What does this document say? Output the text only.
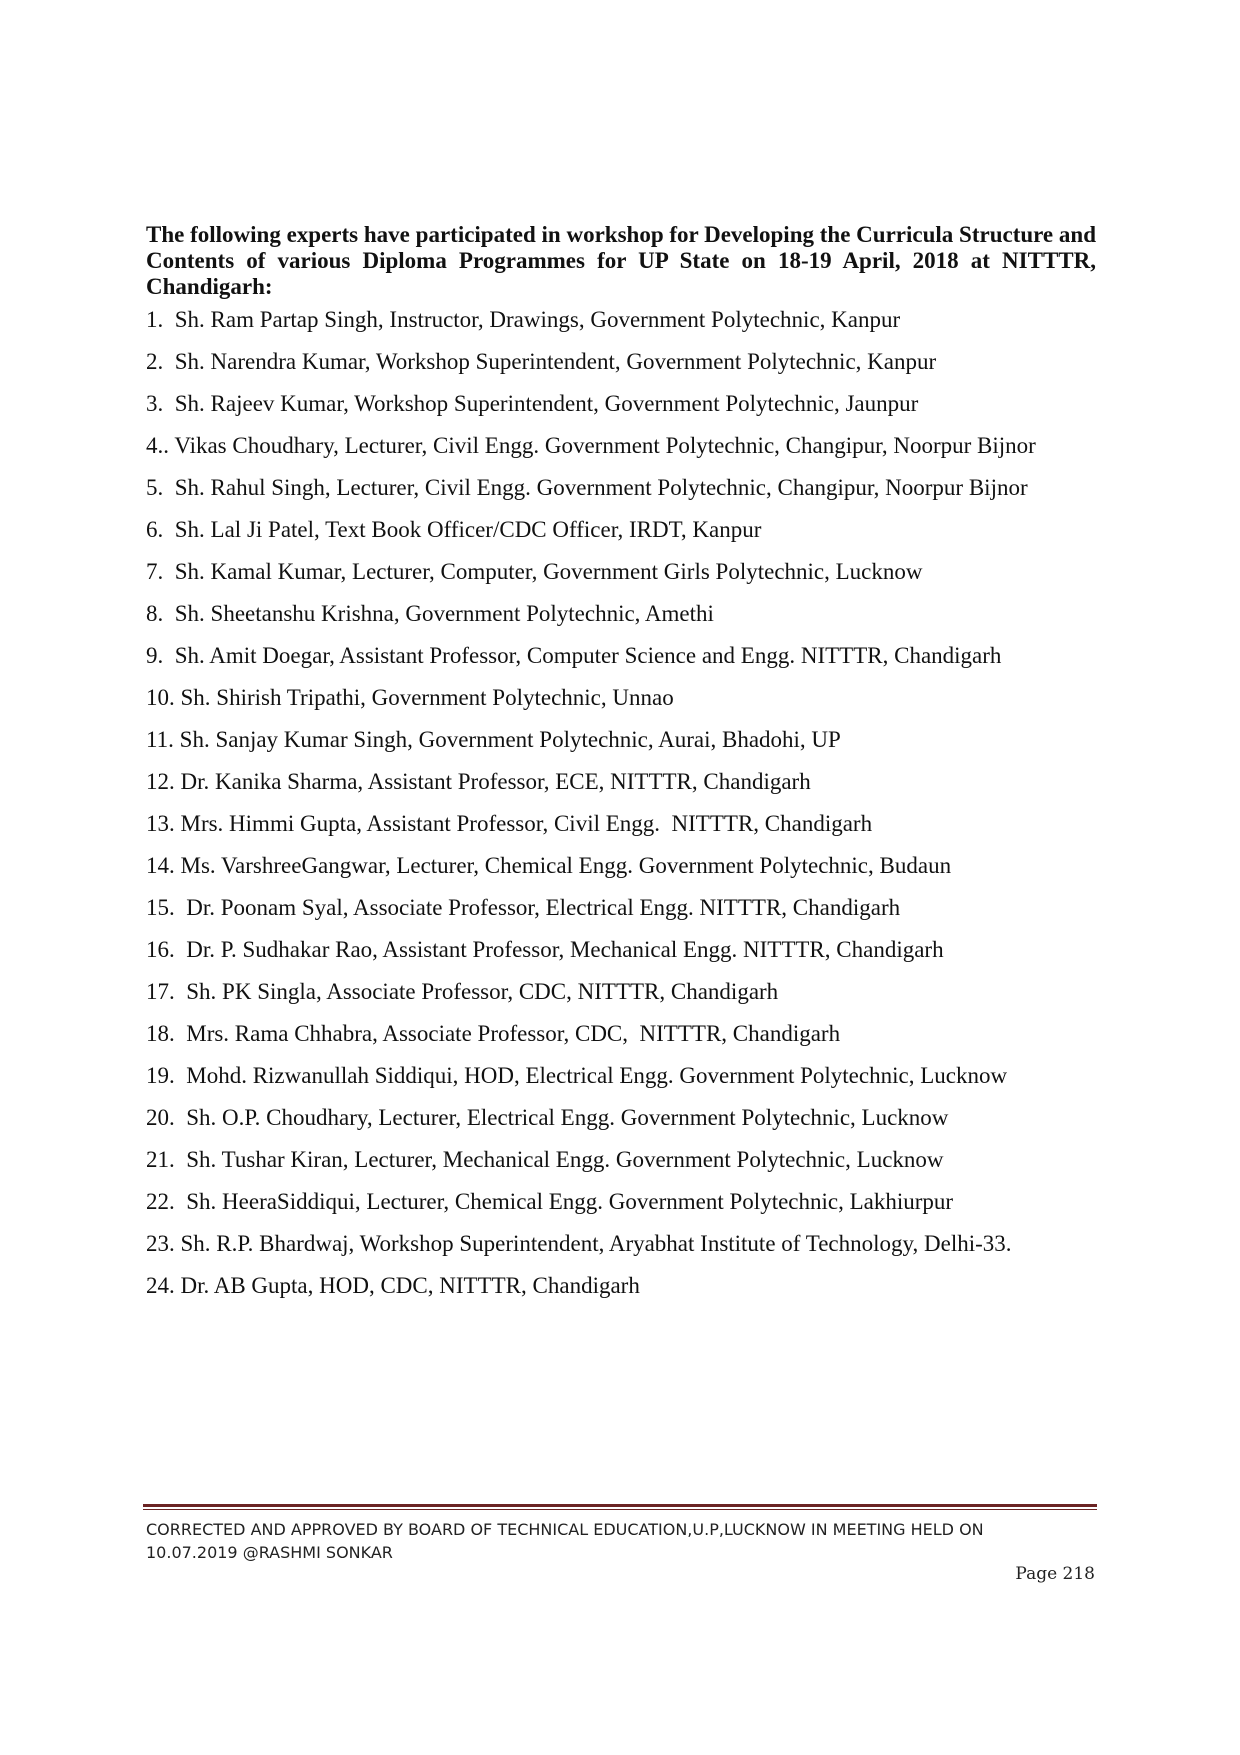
The following experts have participated in workshop for Developing the Curricula Structure and Contents of various Diploma Programmes for UP State on 18-19 April, 2018 at NITTTR, Chandigarh:

1.  Sh. Ram Partap Singh, Instructor, Drawings, Government Polytechnic, Kanpur
2.  Sh. Narendra Kumar, Workshop Superintendent, Government Polytechnic, Kanpur
3.  Sh. Rajeev Kumar, Workshop Superintendent, Government Polytechnic, Jaunpur
4.. Vikas Choudhary, Lecturer, Civil Engg. Government Polytechnic, Changipur, Noorpur Bijnor
5.  Sh. Rahul Singh, Lecturer, Civil Engg. Government Polytechnic, Changipur, Noorpur Bijnor
6.  Sh. Lal Ji Patel, Text Book Officer/CDC Officer, IRDT, Kanpur
7.  Sh. Kamal Kumar, Lecturer, Computer, Government Girls Polytechnic, Lucknow
8.  Sh. Sheetanshu Krishna, Government Polytechnic, Amethi
9.  Sh. Amit Doegar, Assistant Professor, Computer Science and Engg. NITTTR, Chandigarh
10. Sh. Shirish Tripathi, Government Polytechnic, Unnao
11. Sh. Sanjay Kumar Singh, Government Polytechnic, Aurai, Bhadohi, UP
12. Dr. Kanika Sharma, Assistant Professor, ECE, NITTTR, Chandigarh
13. Mrs. Himmi Gupta, Assistant Professor, Civil Engg.  NITTTR, Chandigarh
14. Ms. VarshreeGangwar, Lecturer, Chemical Engg. Government Polytechnic, Budaun
15.  Dr. Poonam Syal, Associate Professor, Electrical Engg. NITTTR, Chandigarh
16.  Dr. P. Sudhakar Rao, Assistant Professor, Mechanical Engg. NITTTR, Chandigarh
17.  Sh. PK Singla, Associate Professor, CDC, NITTTR, Chandigarh
18.  Mrs. Rama Chhabra, Associate Professor, CDC,  NITTTR, Chandigarh
19.  Mohd. Rizwanullah Siddiqui, HOD, Electrical Engg. Government Polytechnic, Lucknow
20.  Sh. O.P. Choudhary, Lecturer, Electrical Engg. Government Polytechnic, Lucknow
21.  Sh. Tushar Kiran, Lecturer, Mechanical Engg. Government Polytechnic, Lucknow
22.  Sh. HeeraSiddiqui, Lecturer, Chemical Engg. Government Polytechnic, Lakhiurpur
23. Sh. R.P. Bhardwaj, Workshop Superintendent, Aryabhat Institute of Technology, Delhi-33.
24. Dr. AB Gupta, HOD, CDC, NITTTR, Chandigarh

CORRECTED AND APPROVED BY BOARD OF TECHNICAL EDUCATION,U.P,LUCKNOW IN MEETING HELD ON
10.07.2019 @RASHMI SONKAR

Page 218
